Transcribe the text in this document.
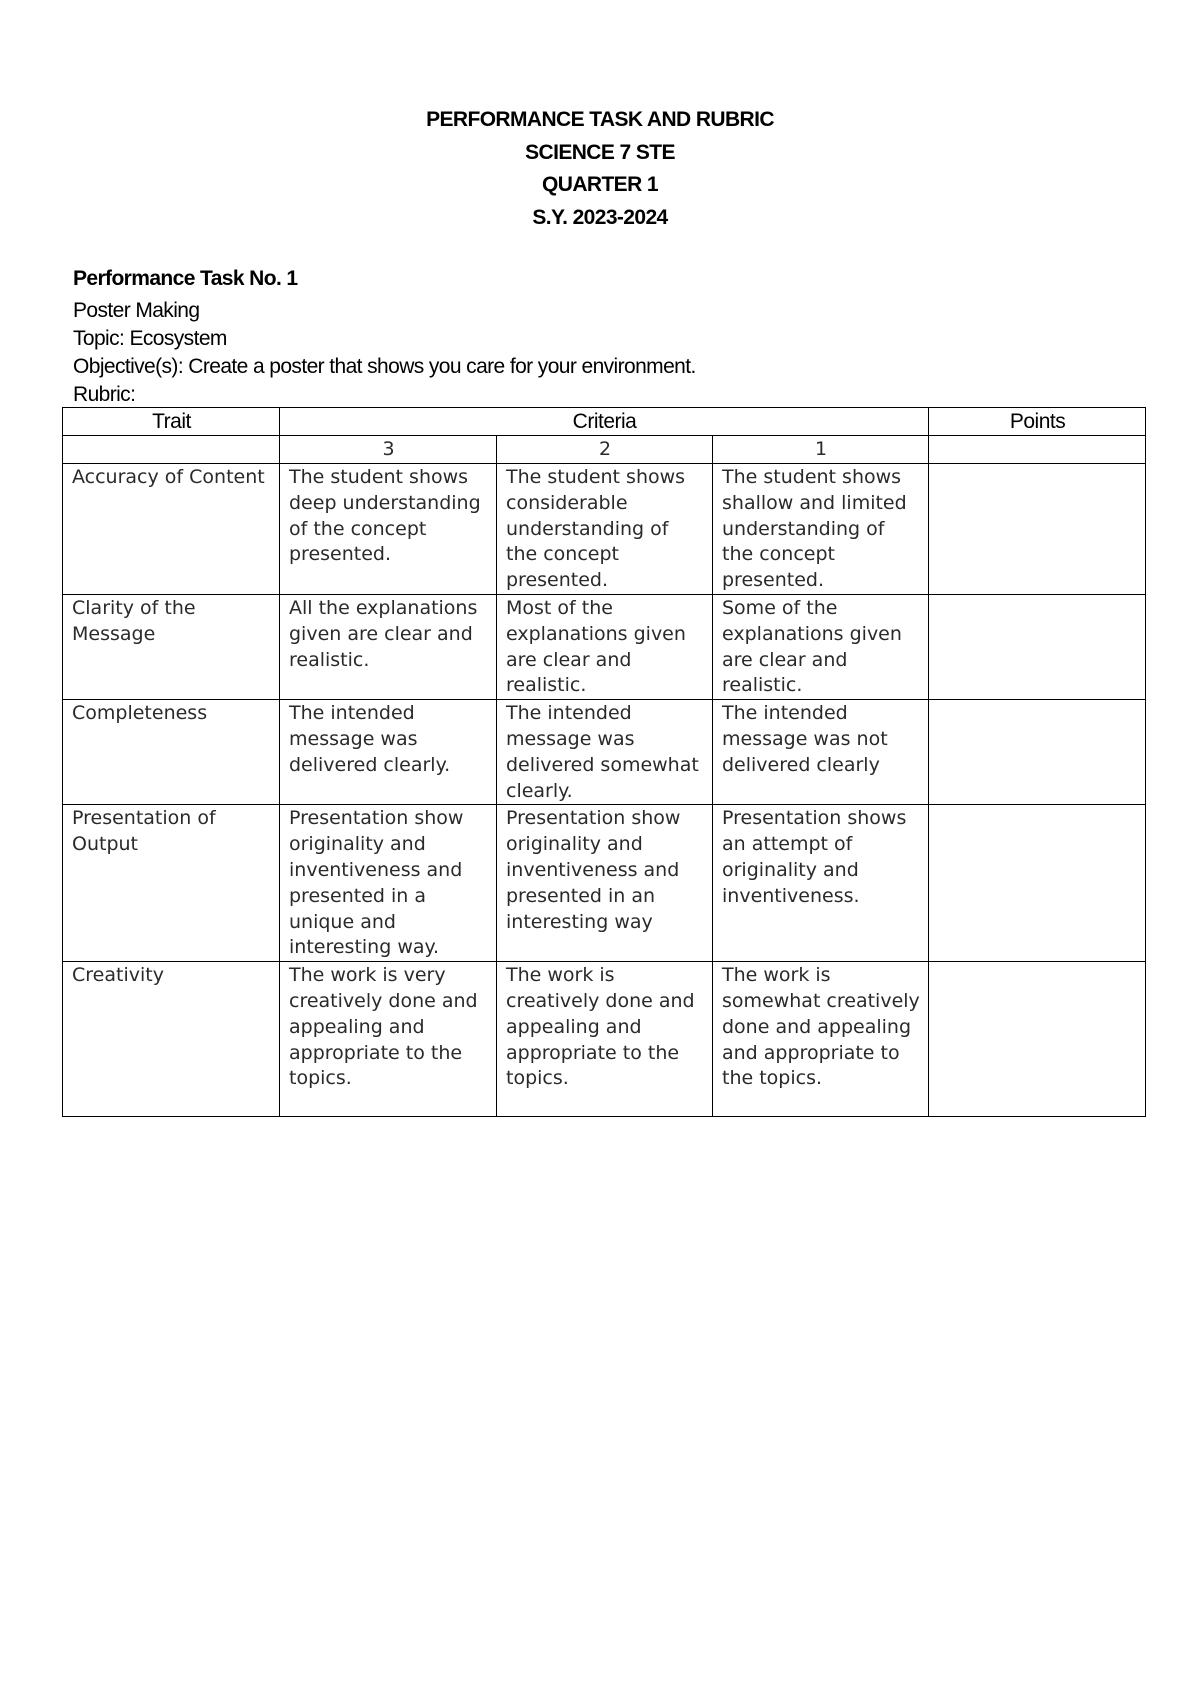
PERFORMANCE TASK AND RUBRIC
SCIENCE 7 STE
QUARTER 1
S.Y. 2023-2024
Performance Task No. 1
Poster Making
Topic: Ecosystem
Objective(s): Create a poster that shows you care for your environment.
Rubric:
Trait	Criteria			Points
	3	2	1	
Accuracy of Content	The student shows deep understanding of the concept presented.	The student shows considerable understanding of the concept presented.	The student shows shallow and limited understanding of the concept presented.	
Clarity of the Message	All the explanations given are clear and realistic.	Most of the explanations given are clear and realistic.	Some of the explanations given are clear and realistic.	
Completeness	The intended message was delivered clearly.	The intended message was delivered somewhat clearly.	The intended message was not delivered clearly	
Presentation of Output	Presentation show originality and inventiveness and presented in a unique and interesting way.	Presentation show originality and inventiveness and presented in an interesting way	Presentation shows an attempt of originality and inventiveness.	
Creativity	The work is very creatively done and appealing and appropriate to the topics.	The work is creatively done and appealing and appropriate to the topics.	The work is somewhat creatively done and appealing and appropriate to the topics.	
